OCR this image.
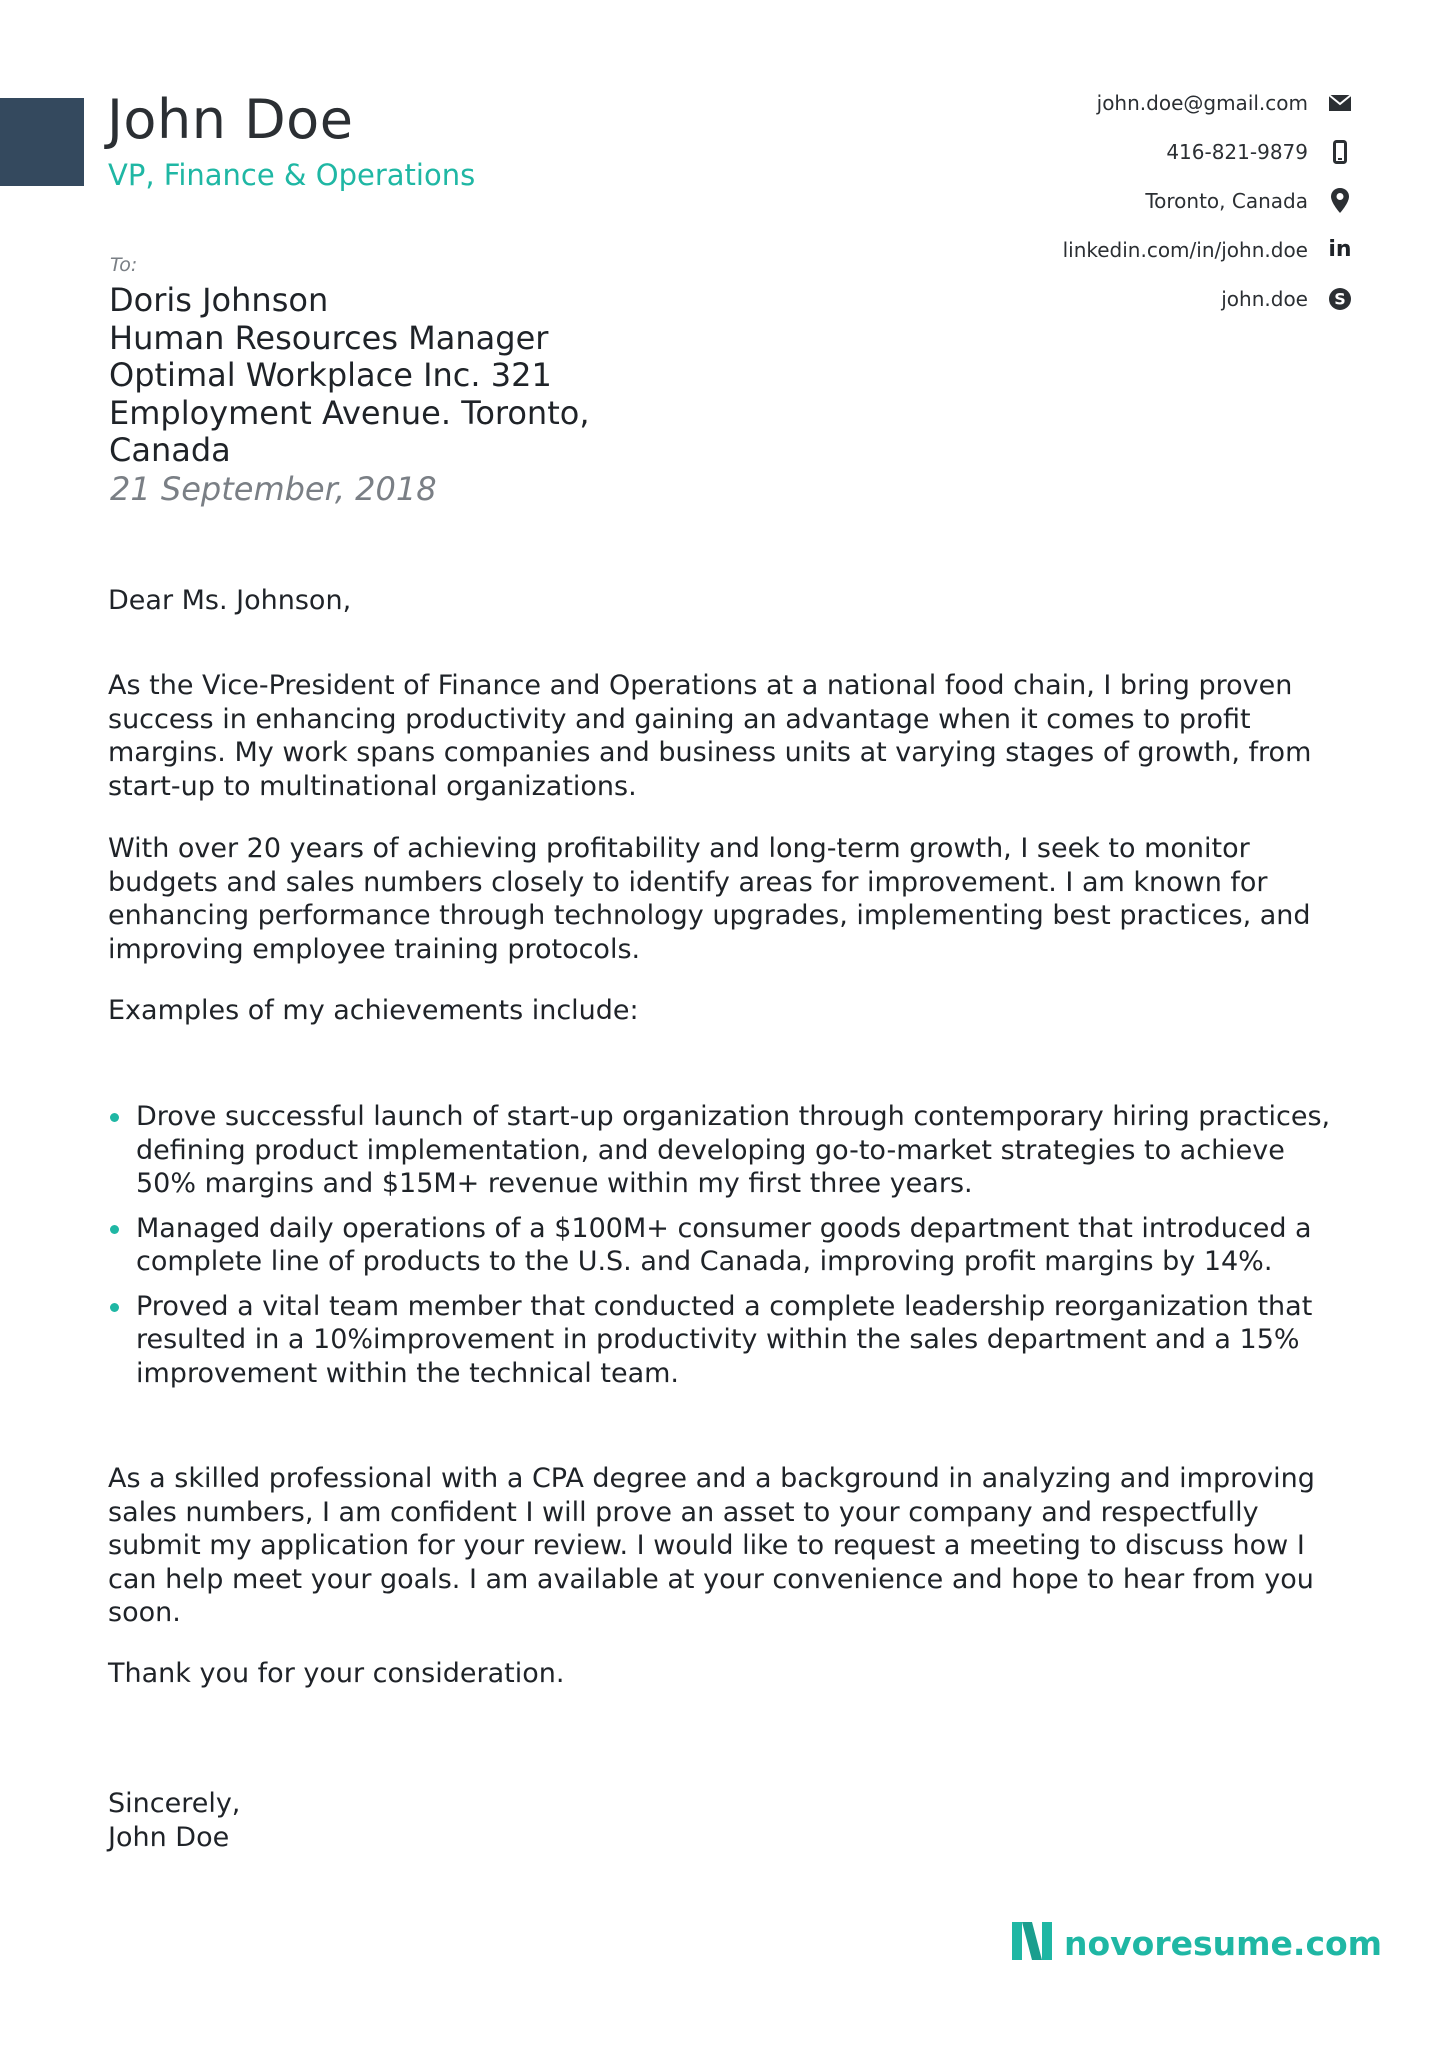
John Doe
VP, Finance & Operations
john.doe@gmail.com
416-821-9879
Toronto, Canada
linkedin.com/in/john.doe in
john.doe S
To:
Doris Johnson
Human Resources Manager
Optimal Workplace Inc. 321
Employment Avenue. Toronto,
Canada
21 September, 2018

Dear Ms. Johnson,

As the Vice-President of Finance and Operations at a national food chain, I bring proven

success in enhancing productivity and gaining an advantage when it comes to profit

margins. My work spans companies and business units at varying stages of growth, from

start-up to multinational organizations.

With over 20 years of achieving profitability and long-term growth, I seek to monitor

budgets and sales numbers closely to identify areas for improvement. I am known for

enhancing performance through technology upgrades, implementing best practices, and

improving employee training protocols.

Examples of my achievements include:

Drove successful launch of start-up organization through contemporary hiring practices,
defining product implementation, and developing go-to-market strategies to achieve
50% margins and $15M+ revenue within my first three years.
Managed daily operations of a $100M+ consumer goods department that introduced a
complete line of products to the U.S. and Canada, improving profit margins by 14%.
Proved a vital team member that conducted a complete leadership reorganization that
resulted in a 10%improvement in productivity within the sales department and a 15%
improvement within the technical team.

As a skilled professional with a CPA degree and a background in analyzing and improving

sales numbers, I am confident I will prove an asset to your company and respectfully

submit my application for your review. I would like to request a meeting to discuss how I

can help meet your goals. I am available at your convenience and hope to hear from you

soon.

Thank you for your consideration.

Sincerely,

John Doe

novoresume.com
